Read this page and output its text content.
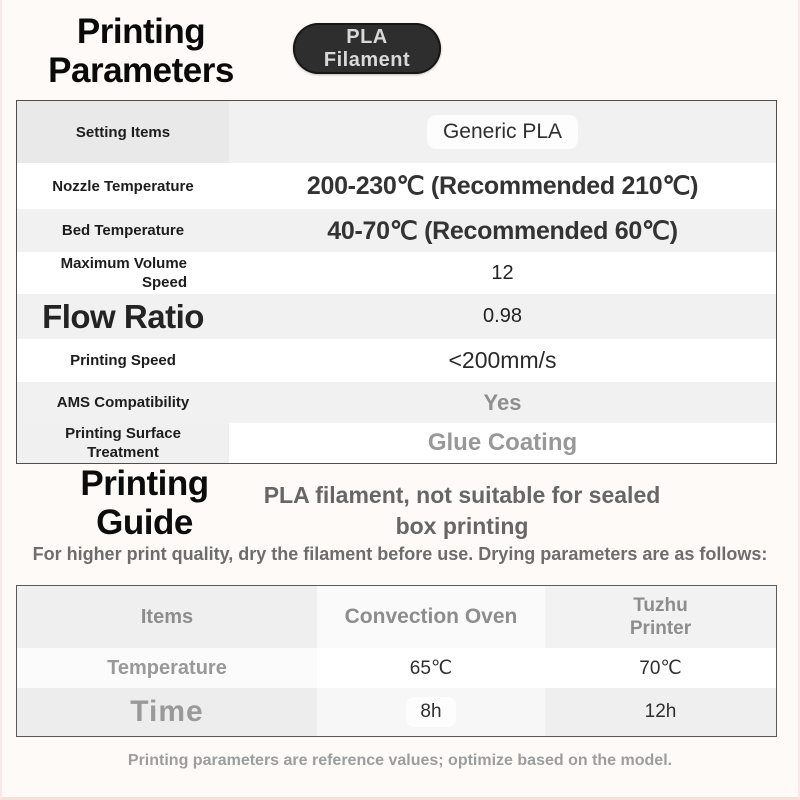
Printing Parameters
PLA
Filament
Setting Items	Generic PLA
Nozzle Temperature	200-230℃ (Recommended 210℃)
Bed Temperature	40-70℃ (Recommended 60℃)
Maximum Volume Speed	12
Flow Ratio	0.98
Printing Speed	<200mm/s
AMS Compatibility	Yes
Printing Surface Treatment	Glue Coating
Printing Guide
PLA filament, not suitable for sealed box printing
For higher print quality, dry the filament before use. Drying parameters are as follows:
Items	Convection Oven	Tuzhu Printer
Temperature	65℃	70℃
Time	8h	12h
Printing parameters are reference values; optimize based on the model.
